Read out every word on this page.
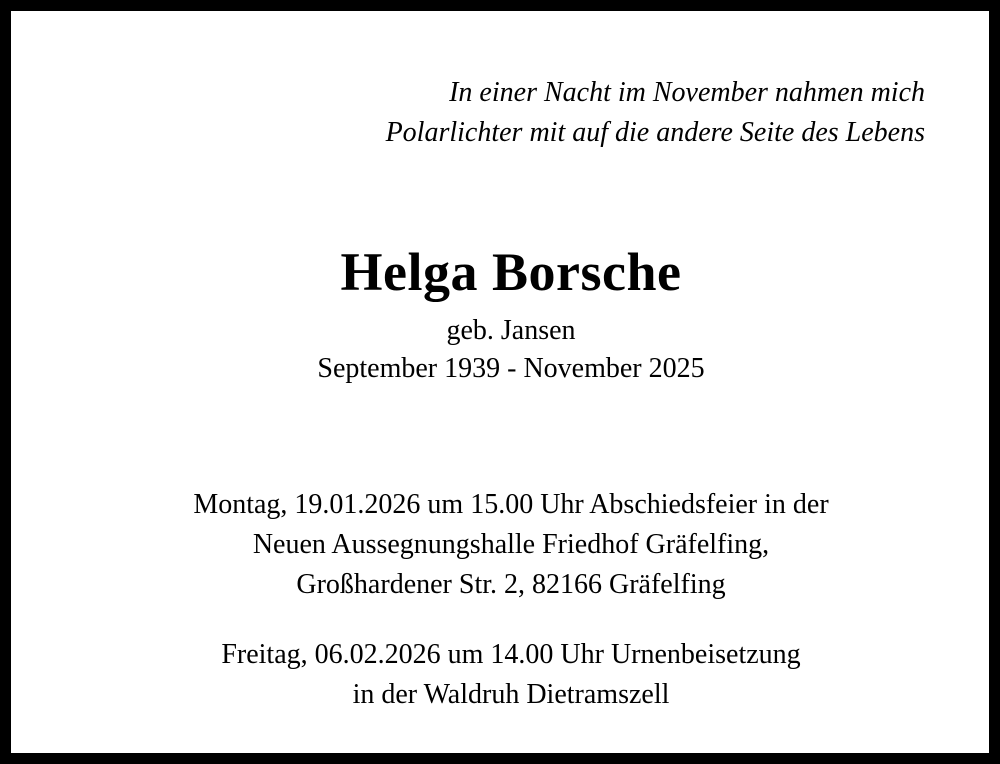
In einer Nacht im November nahmen mich
Polarlichter mit auf die andere Seite des Lebens
Helga Borsche
geb. Jansen
September 1939 - November 2025
Montag, 19.01.2026 um 15.00 Uhr Abschiedsfeier in der
Neuen Aussegnungshalle Friedhof Gräfelfing,
Großhardener Str. 2, 82166 Gräfelfing
Freitag, 06.02.2026 um 14.00 Uhr Urnenbeisetzung
in der Waldruh Dietramszell
